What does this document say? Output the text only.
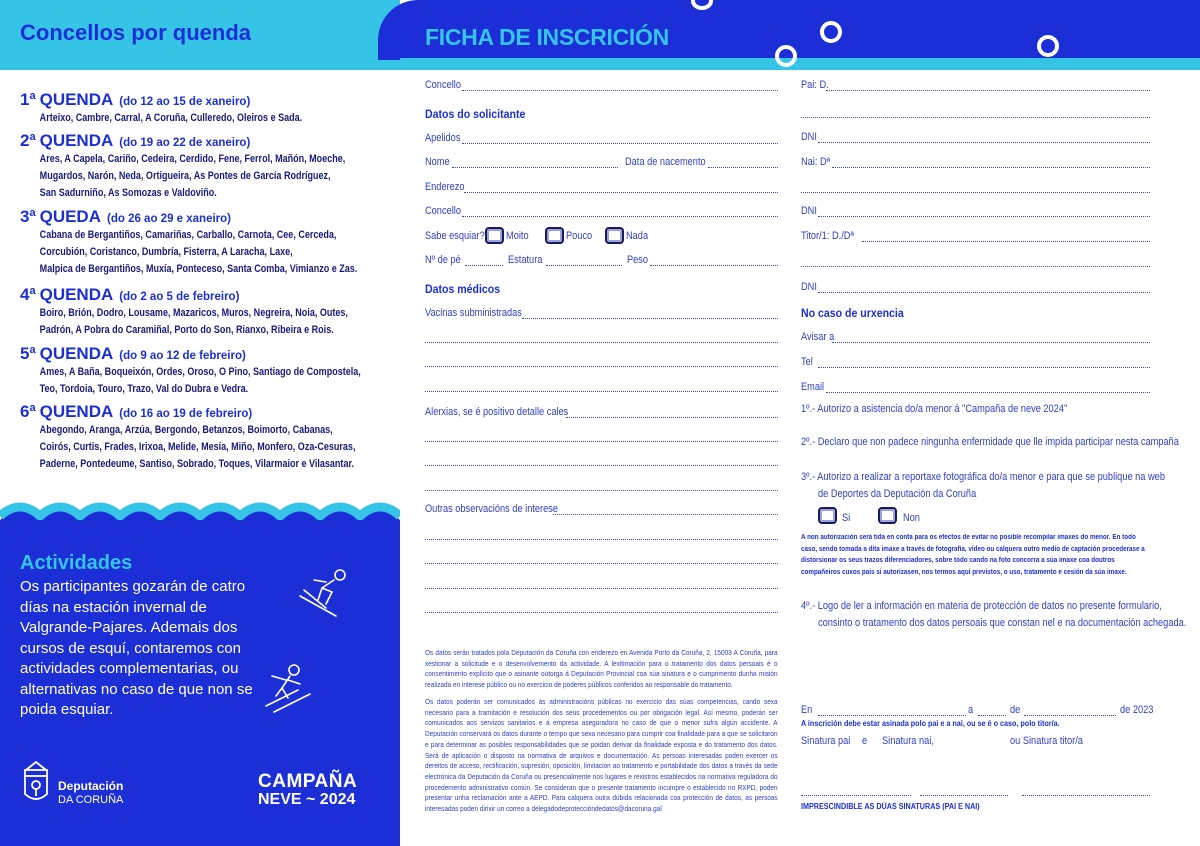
Concellos por quenda	FICHA DE INSCRICIÓN
1$^a$ QUENDA (do 12 ao 15 de xaneiro)
Arteixo, Cambre, Carral, A Coruña, Culleredo, Oleiros e Sada.
2$^a$ QUENDA (do 19 ao 22 de xaneiro)
Ares, A Capela, Cariño, Cedeira, Cerdido, Fene, Ferrol, Mañón, Moeche,
Mugardos, Narón, Neda, Ortigueira, As Pontes de García Rodríguez,
San Sadurniño, As Somozas e Valdoviño.
3$^a$ QUEDA (do 26 ao 29 e xaneiro)
Cabana de Bergantiños, Camariñas, Carballo, Carnota, Cee, Cerceda,
Corcubión, Coristanco, Dumbría, Fisterra, A Laracha, Laxe,
Malpica de Bergantiños, Muxía, Ponteceso, Santa Comba, Vimianzo e Zas.
4$^a$ QUENDA (do 2 ao 5 de febreiro)
Boiro, Brión, Dodro, Lousame, Mazaricos, Muros, Negreira, Noia, Outes,
Padrón, A Pobra do Caramiñal, Porto do Son, Rianxo, Ribeira e Rois.
5$^a$ QUENDA (do 9 ao 12 de febreiro)
Ames, A Baña, Boqueixón, Ordes, Oroso, O Pino, Santiago de Compostela,
Teo, Tordoia, Touro, Trazo, Val do Dubra e Vedra.
6$^a$ QUENDA (do 16 ao 19 de febreiro)
Abegondo, Aranga, Arzúa, Bergondo, Betanzos, Boimorto, Cabanas,
Coirós, Curtis, Frades, Irixoa, Melide, Mesía, Miño, Monfero, Oza-Cesuras,
Paderne, Pontedeume, Santiso, Sobrado, Toques, Vilarmaior e Vilasantar.
Actividades
Os participantes gozarán de catro días na estación invernal de Valgrande-Pajares. Ademais dos cursos de esquí, contaremos con actividades complementarias, ou alternativas no caso de que non se poida esquiar.
Deputación
DA CORUÑA
CAMPAÑA
NEVE ~ 2024
Concello
Datos do solicitante
Apelidos
Nome	Data de nacemento
Enderezo
Concello
Sabe esquiar? Moito	Pouco	Nada
Nº de pé	Estatura	Peso
Datos médicos
Vacinas subministradas
Alerxias, se é positivo detalle cales
Outras observacións de interese
Os datos serán tratados pola Deputación da Coruña con enderezo en Avenida Porto da Coruña, 2, 15003 A Coruña, para xestionar a solicitude e o desenvolvemento da actividade. A lexitimación para o tratamento dos datos persoais é o consentimento explícito que o asinante outorga á Deputación Provincial coa súa sinatura e o cumprimento dunha misión realizada en interese público ou no exercicio de poderes públicos conferidos ao responsable do tratamento.
Os datos poderán ser comunicados ás administracións públicas no exercicio das súas competencias, cando sexa necesario para a tramitación e resolución dos seus procedementos ou por obrigación legal. Así mesmo, poderán ser comunicados aos servizos sanitarios e á empresa aseguradora no caso de que o menor sufra algún accidente. A Deputación conservará os datos durante o tempo que sexa necesario para cumprir coa finalidade para a que se solicitaron e para determinar as posibles responsabilidades que se poidan derivar da finalidade exposta e do tratamento dos datos. Será de aplicación o disposto na normativa de arquivos e documentación. As persoas interesadas poden exercer os dereitos de acceso, rectificación, supresión, oposición, limitación ao tratamento e portabilidade dos datos a través da sede electrónica da Deputación da Coruña ou presencialmente nos lugares e rexistros establecidos na normativa reguladora do procedemento administrativo común. Se consideran que o presente tratamento incumpre o establecido no RXPD, poden presentar unha reclamación ante a AEPD. Para calquera outra dúbida relacionada coa protección de datos, as persoas interesadas poden dirixir un correo a delegadodeproteccióndedatos@dacoruna.gal
Pai: D.
DNI
Nai: Dª
DNI
Titor/1: D./Dª
DNI
No caso de urxencia
Avisar a
Tel
Email
1º.- Autorizo a asistencia do/a menor á "Campaña de neve 2024"
2º.- Declaro que non padece ningunha enfermidade que lle impida participar nesta campaña
3º.- Autorizo a realizar a reportaxe fotográfica do/a menor e para que se publique na web
de Deportes da Deputación da Coruña
Si	Non
A non autorización será tida en conta para os efectos de evitar no posible recompilar imaxes do menor. En todo caso, sendo tomada a dita imaxe a través de fotografía, vídeo ou calquera outro medio de captación procederase a distorsionar os seus trazos diferenciadores, sobre todo cando na foto concorra a súa imaxe coa doutros compañeiros cuxos pais si autorizasen, nos termos aquí previstos, o uso, tratamento e cesión da súa imaxe.
4º.- Logo de ler a información en materia de protección de datos no presente formulario,
consinto o tratamento dos datos persoais que constan nel e na documentación achegada.
En	a	de	de 2023
A inscrición debe estar asinada polo pai e a nai, ou se é o caso, polo titor/a.
Sinatura pai e Sinatura nai,	ou Sinatura titor/a
IMPRESCINDIBLE AS DÚAS SINATURAS (PAI E NAI)
